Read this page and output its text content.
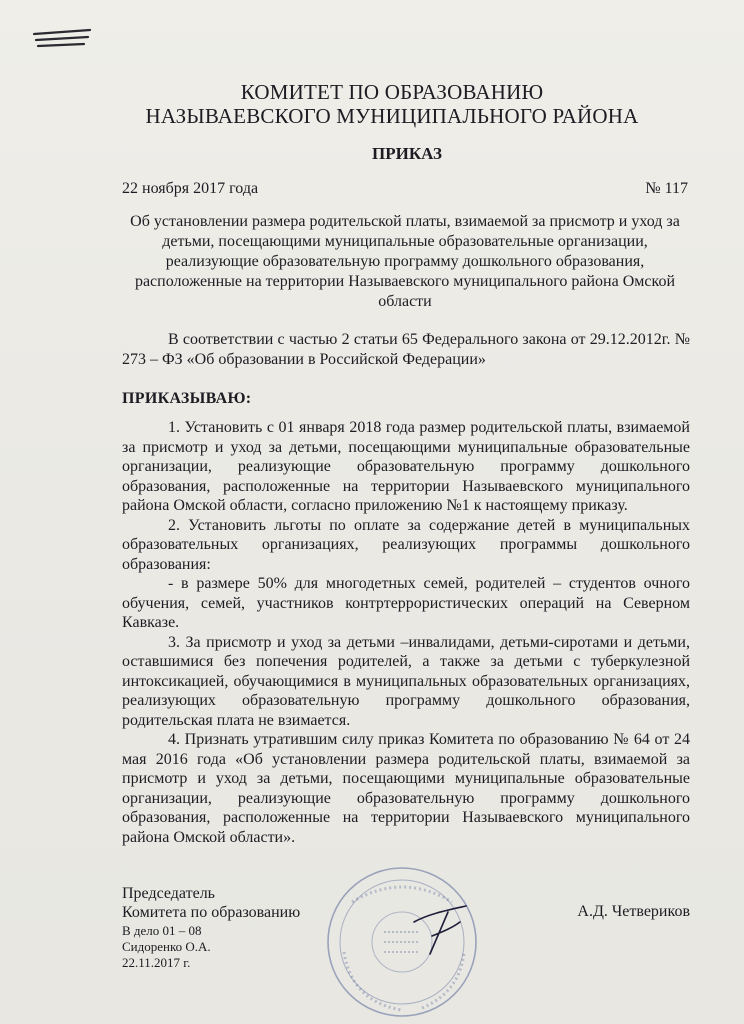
КОМИТЕТ ПО ОБРАЗОВАНИЮ
НАЗЫВАЕВСКОГО МУНИЦИПАЛЬНОГО РАЙОНА
ПРИКАЗ
22 ноября 2017 года	№ 117
Об установлении размера родительской платы, взимаемой за присмотр и уход за детьми, посещающими муниципальные образовательные организации, реализующие образовательную программу дошкольного образования, расположенные на территории Называевского муниципального района Омской области

В соответствии с частью 2 статьи 65 Федерального закона от 29.12.2012г. № 273 – ФЗ «Об образовании в Российской Федерации»

ПРИКАЗЫВАЮ:

1. Установить с 01 января 2018 года размер родительской платы, взимаемой за присмотр и уход за детьми, посещающими муниципальные образовательные организации, реализующие образовательную программу дошкольного образования, расположенные на территории Называевского муниципального района Омской области, согласно приложению №1 к настоящему приказу.

2. Установить льготы по оплате за содержание детей в муниципальных образовательных организациях, реализующих программы дошкольного образования:

- в размере 50% для многодетных семей, родителей – студентов очного обучения, семей, участников контртеррористических операций на Северном Кавказе.

3. За присмотр и уход за детьми –инвалидами, детьми-сиротами и детьми, оставшимися без попечения родителей, а также за детьми с туберкулезной интоксикацией, обучающимися в муниципальных образовательных организациях, реализующих образовательную программу дошкольного образования, родительская плата не взимается.

4. Признать утратившим силу приказ Комитета по образованию № 64 от 24 мая 2016 года «Об установлении размера родительской платы, взимаемой за присмотр и уход за детьми, посещающими муниципальные образовательные организации, реализующие образовательную программу дошкольного образования, расположенные на территории Называевского муниципального района Омской области».

Председатель
Комитета по образованию	А.Д. Четвериков
В дело 01 – 08
Сидоренко О.А.
22.11.2017 г.
